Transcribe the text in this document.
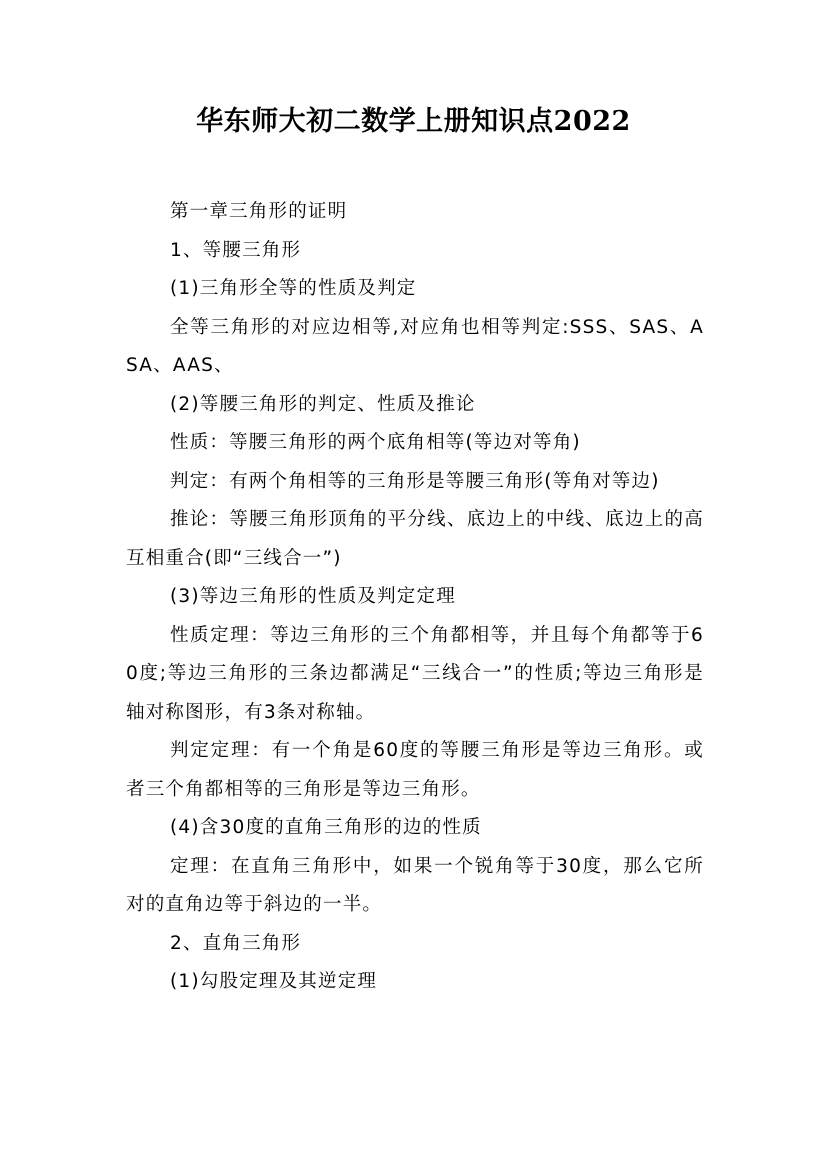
华东师大初二数学上册知识点2022

第一章三角形的证明

1、等腰三角形

(1)三角形全等的性质及判定

全等三角形的对应边相等,对应角也相等判定:SSS、SAS、ASA、AAS、

(2)等腰三角形的判定、性质及推论

性质：等腰三角形的两个底角相等(等边对等角)

判定：有两个角相等的三角形是等腰三角形(等角对等边)

推论：等腰三角形顶角的平分线、底边上的中线、底边上的高互相重合(即“三线合一”)

(3)等边三角形的性质及判定定理

性质定理：等边三角形的三个角都相等，并且每个角都等于60度;等边三角形的三条边都满足“三线合一”的性质;等边三角形是轴对称图形，有3条对称轴。

判定定理：有一个角是60度的等腰三角形是等边三角形。或者三个角都相等的三角形是等边三角形。

(4)含30度的直角三角形的边的性质

定理：在直角三角形中，如果一个锐角等于30度，那么它所对的直角边等于斜边的一半。

2、直角三角形

(1)勾股定理及其逆定理
